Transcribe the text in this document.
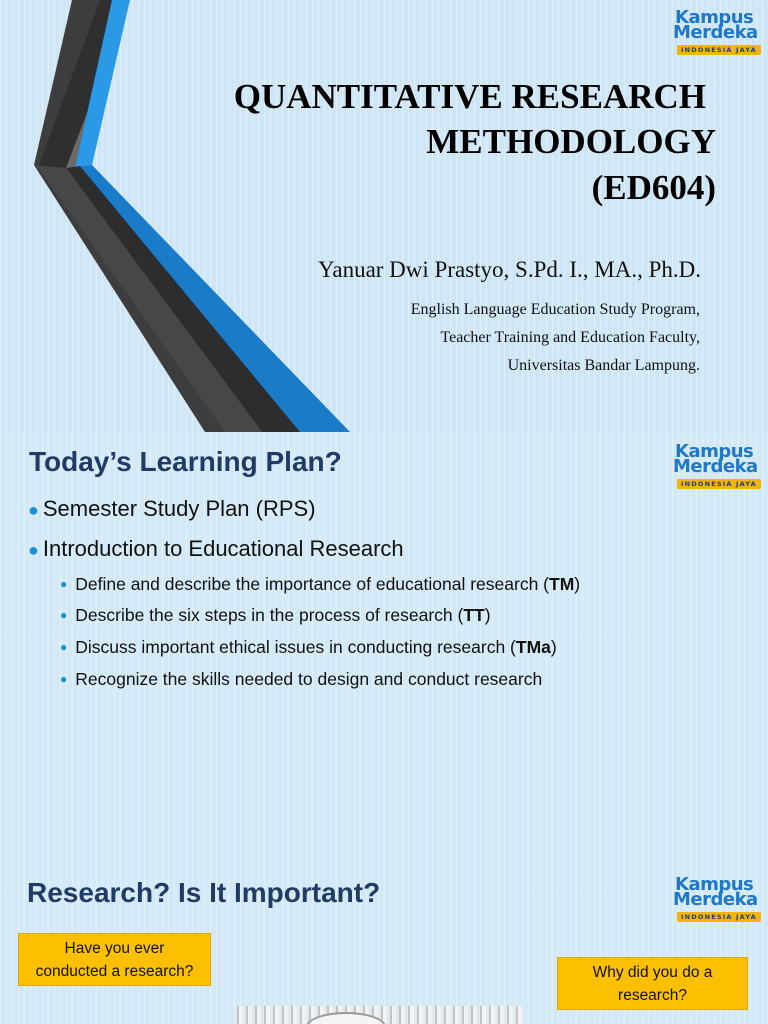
Kampus
Merdeka
INDONESIA JAYA
QUANTITATIVE RESEARCH
METHODOLOGY
(ED604)
Yanuar Dwi Prastyo, S.Pd. I., MA., Ph.D.
English Language Education Study Program,
Teacher Training and Education Faculty,
Universitas Bandar Lampung.
Today’s Learning Plan?	Kampus
Merdeka
INDONESIA JAYA
● Semester Study Plan (RPS)
● Introduction to Educational Research
● Define and describe the importance of educational research (TM)
● Describe the six steps in the process of research (TT)
● Discuss important ethical issues in conducting research (TMa)
● Recognize the skills needed to design and conduct research
Research? Is It Important?	Kampus
Merdeka
INDONESIA JAYA
Have you ever
conducted a research?	Why did you do a
research?
